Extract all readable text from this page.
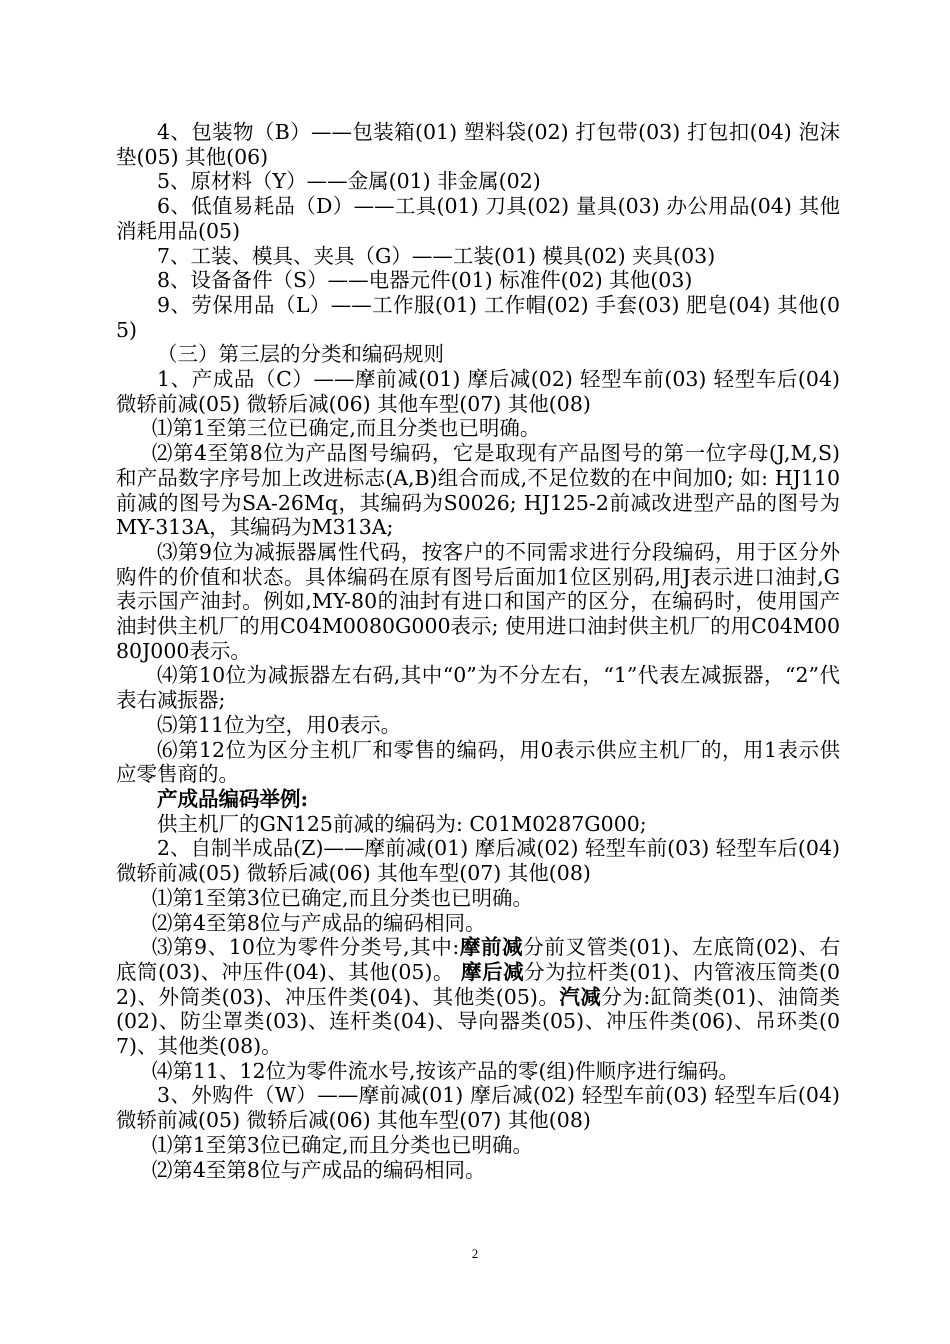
4、包装物（B）——包装箱(01) 塑料袋(02) 打包带(03) 打包扣(04) 泡沫垫(05) 其他(06)

5、原材料（Y）——金属(01) 非金属(02)

6、低值易耗品（D）——工具(01) 刀具(02) 量具(03) 办公用品(04) 其他消耗用品(05)

7、工装、模具、夹具（G）——工装(01) 模具(02) 夹具(03)

8、设备备件（S）——电器元件(01) 标准件(02) 其他(03)

9、劳保用品（L）——工作服(01) 工作帽(02) 手套(03) 肥皂(04) 其他(05)

（三）第三层的分类和编码规则

1、产成品（C）——摩前减(01) 摩后减(02) 轻型车前(03) 轻型车后(04) 微轿前减(05) 微轿后减(06) 其他车型(07) 其他(08)

⑴第1至第三位已确定,而且分类也已明确。

⑵第4至第8位为产品图号编码，它是取现有产品图号的第一位字母(J,M,S)和产品数字序号加上改进标志(A,B)组合而成,不足位数的在中间加0; 如: HJ110前减的图号为SA-26Mq，其编码为S0026; HJ125-2前减改进型产品的图号为MY-313A，其编码为M313A;

⑶第9位为减振器属性代码，按客户的不同需求进行分段编码，用于区分外购件的价值和状态。具体编码在原有图号后面加1位区别码,用J表示进口油封,G表示国产油封。例如,MY-80的油封有进口和国产的区分，在编码时，使用国产油封供主机厂的用C04M0080G000表示; 使用进口油封供主机厂的用C04M0080J000表示。

⑷第10位为减振器左右码,其中“0”为不分左右，“1”代表左减振器，“2”代表右减振器;

⑸第11位为空，用0表示。

⑹第12位为区分主机厂和零售的编码，用0表示供应主机厂的，用1表示供应零售商的。

产成品编码举例:

供主机厂的GN125前减的编码为: C01M0287G000;

2、自制半成品(Z)——摩前减(01) 摩后减(02) 轻型车前(03) 轻型车后(04) 微轿前减(05) 微轿后减(06) 其他车型(07) 其他(08)

⑴第1至第3位已确定,而且分类也已明确。

⑵第4至第8位与产成品的编码相同。

⑶第9、10位为零件分类号,其中:摩前减分前叉管类(01)、左底筒(02)、右底筒(03)、冲压件(04)、其他(05)。 摩后减分为拉杆类(01)、内管液压筒类(02)、外筒类(03)、冲压件类(04)、其他类(05)。汽减分为:缸筒类(01)、油筒类(02)、防尘罩类(03)、连杆类(04)、导向器类(05)、冲压件类(06)、吊环类(07)、其他类(08)。

⑷第11、12位为零件流水号,按该产品的零(组)件顺序进行编码。

3、外购件（W）——摩前减(01) 摩后减(02) 轻型车前(03) 轻型车后(04) 微轿前减(05) 微轿后减(06) 其他车型(07) 其他(08)

⑴第1至第3位已确定,而且分类也已明确。

⑵第4至第8位与产成品的编码相同。

2
